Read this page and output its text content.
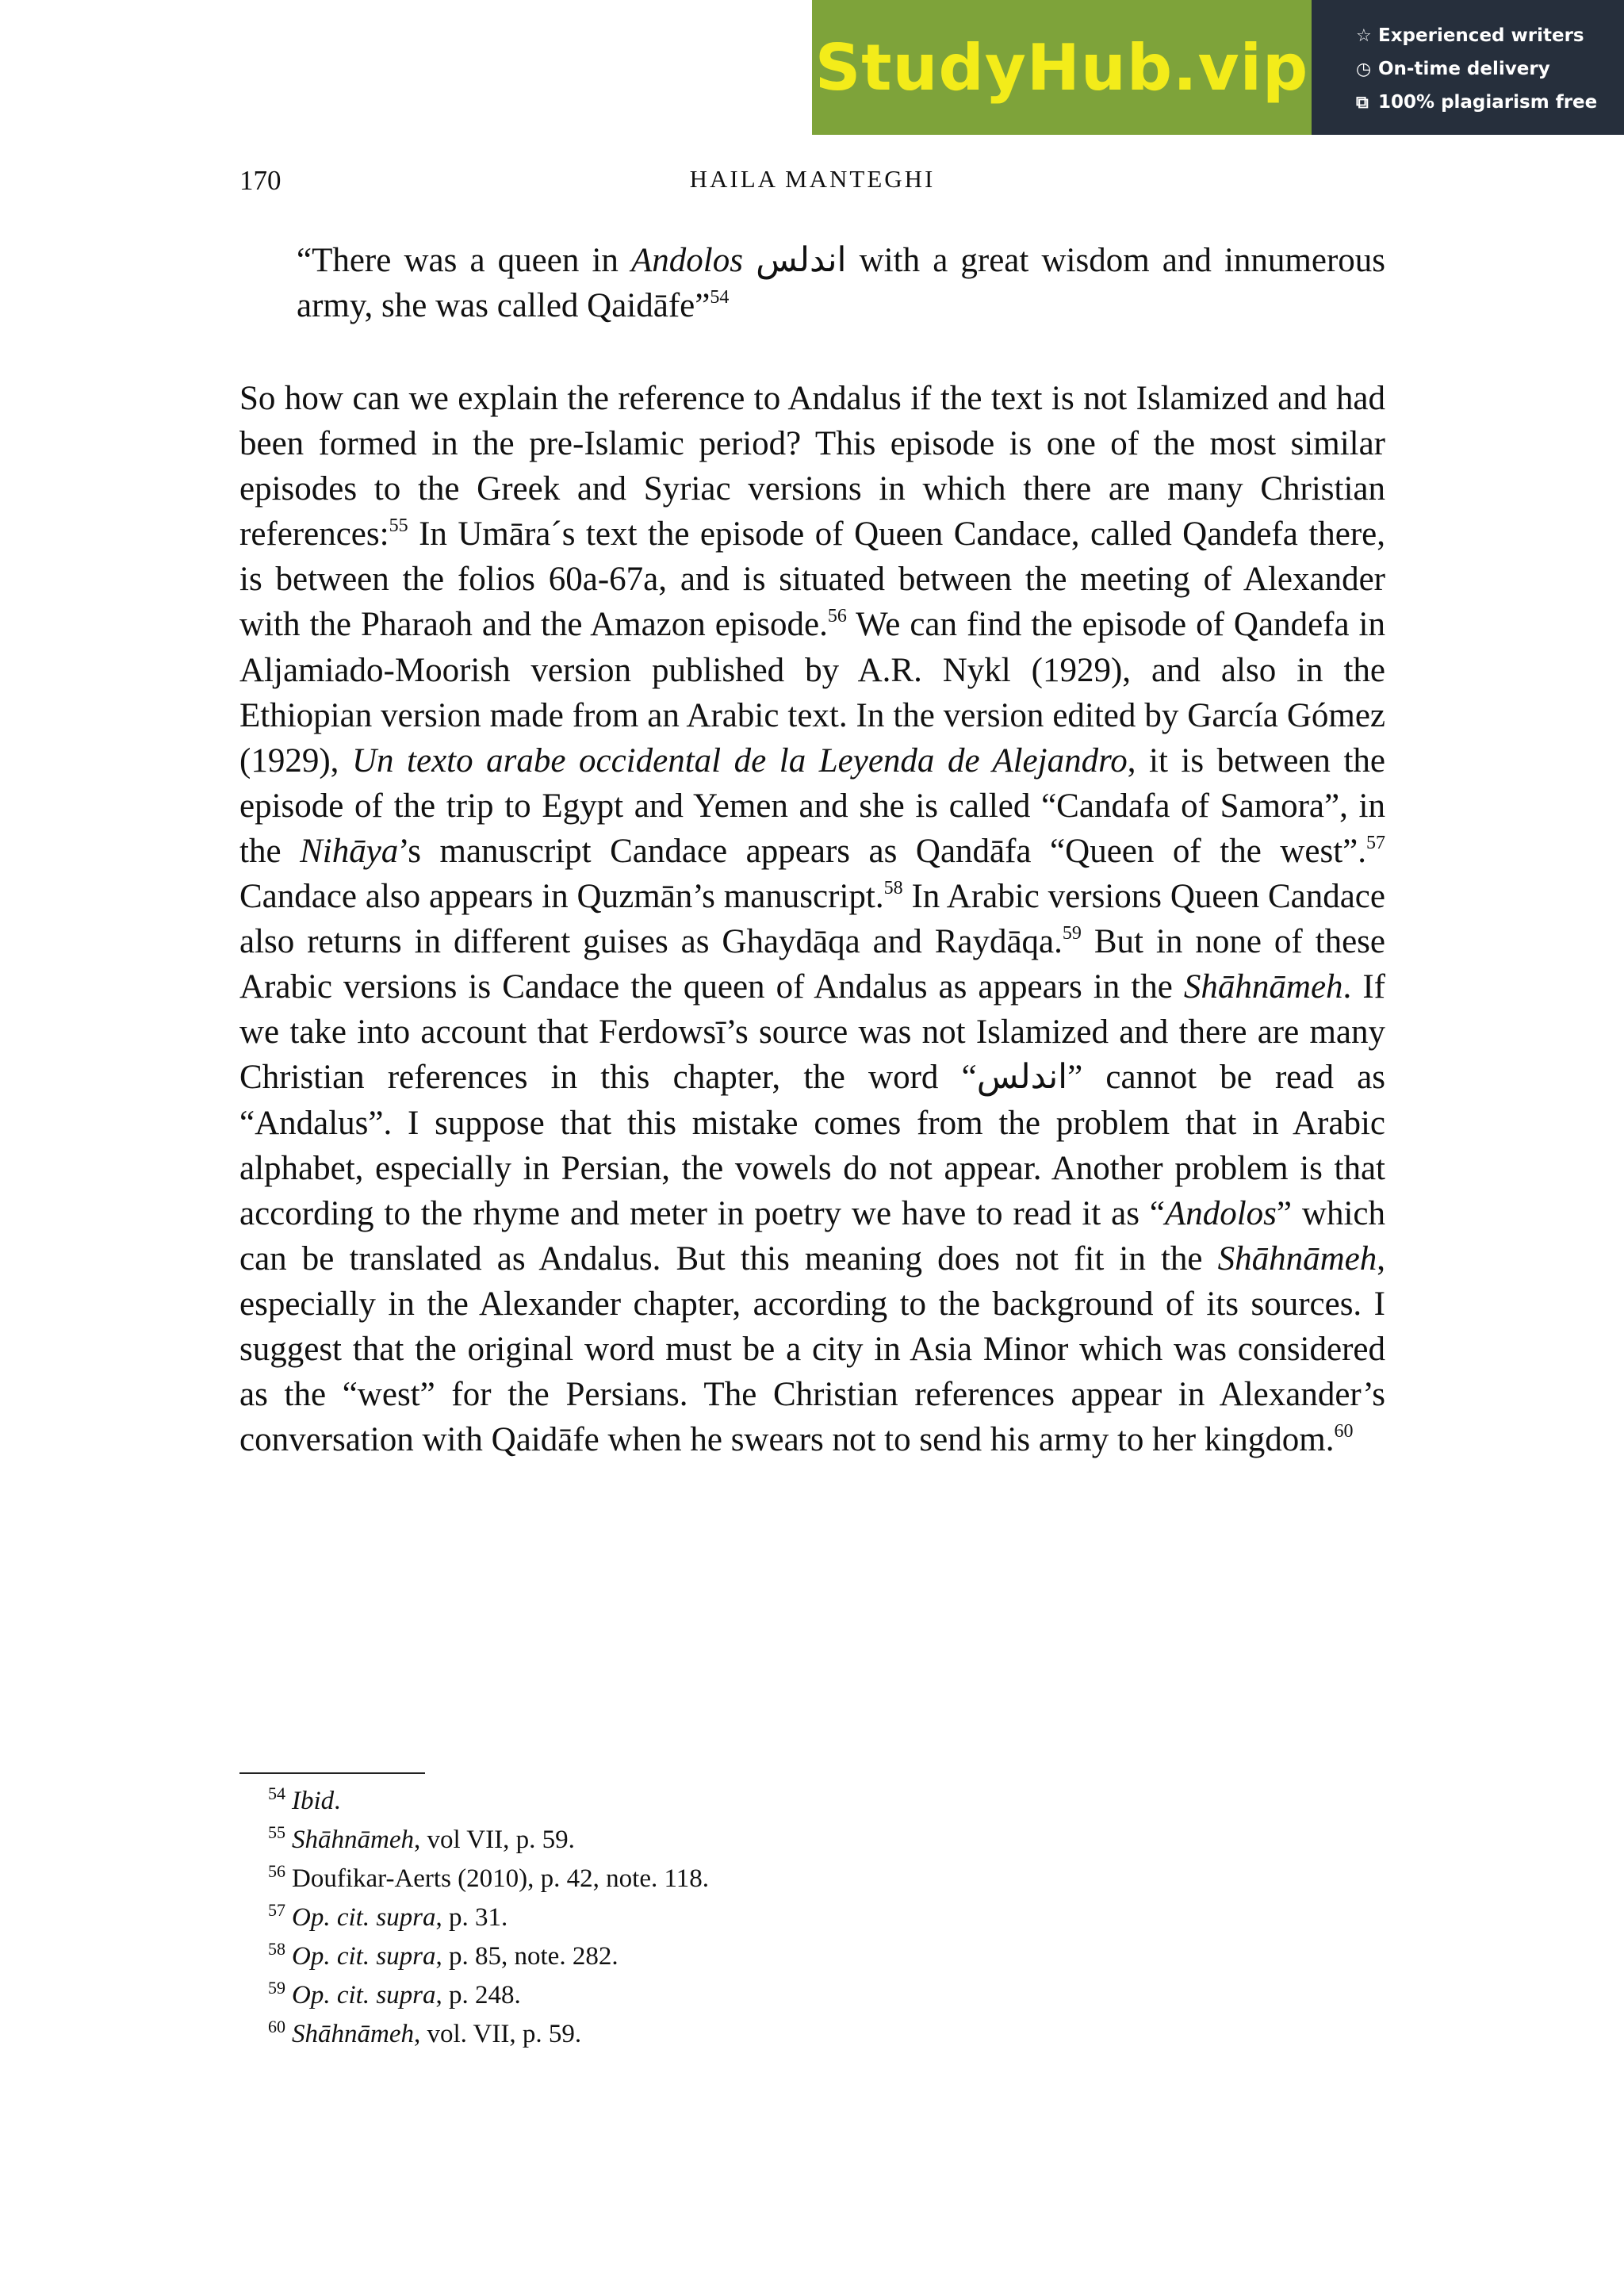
StudyHub.vip	☆ Experienced writers
◷ On-time delivery
⧉ 100% plagiarism free
170	HAILA MANTEGHI

“There was a queen in Andolos اندلس with a great wisdom and innumerous army, she was called Qaidāfe”$^{54}$

So how can we explain the reference to Andalus if the text is not Islamized and had been formed in the pre-Islamic period? This episode is one of the most similar episodes to the Greek and Syriac versions in which there are many Christian references:$^{55}$ In Umāra´s text the episode of Queen Candace, called Qandefa there, is between the folios 60a-67a, and is situated between the meeting of Alexander with the Pharaoh and the Amazon episode.$^{56}$ We can find the episode of Qandefa in Aljamiado-Moorish version published by A.R. Nykl (1929), and also in the Ethiopian version made from an Arabic text. In the version edited by García Gómez (1929), Un texto arabe occidental de la Leyenda de Alejandro, it is between the episode of the trip to Egypt and Yemen and she is called “Candafa of Samora”, in the Nihāya’s manuscript Candace appears as Qandāfa “Queen of the west”.$^{57}$ Candace also appears in Quzmān’s manuscript.$^{58}$ In Arabic versions Queen Candace also returns in different guises as Ghaydāqa and Raydāqa.$^{59}$ But in none of these Arabic versions is Candace the queen of Andalus as appears in the Shāhnāmeh. If we take into account that Ferdowsī’s source was not Islamized and there are many Christian references in this chapter, the word “اندلس” cannot be read as “Andalus”. I suppose that this mistake comes from the problem that in Arabic alphabet, especially in Persian, the vowels do not appear. Another problem is that according to the rhyme and meter in poetry we have to read it as “Andolos” which can be translated as Andalus. But this meaning does not fit in the Shāhnāmeh, especially in the Alexander chapter, according to the background of its sources. I suggest that the original word must be a city in Asia Minor which was considered as the “west” for the Persians. The Christian references appear in Alexander’s conversation with Qaidāfe when he swears not to send his army to her kingdom.$^{60}$

$^{54}$ Ibid.
$^{55}$ Shāhnāmeh, vol VII, p. 59.
$^{56}$ Doufikar-Aerts (2010), p. 42, note. 118.
$^{57}$ Op. cit. supra, p. 31.
$^{58}$ Op. cit. supra, p. 85, note. 282.
$^{59}$ Op. cit. supra, p. 248.
$^{60}$ Shāhnāmeh, vol. VII, p. 59.
